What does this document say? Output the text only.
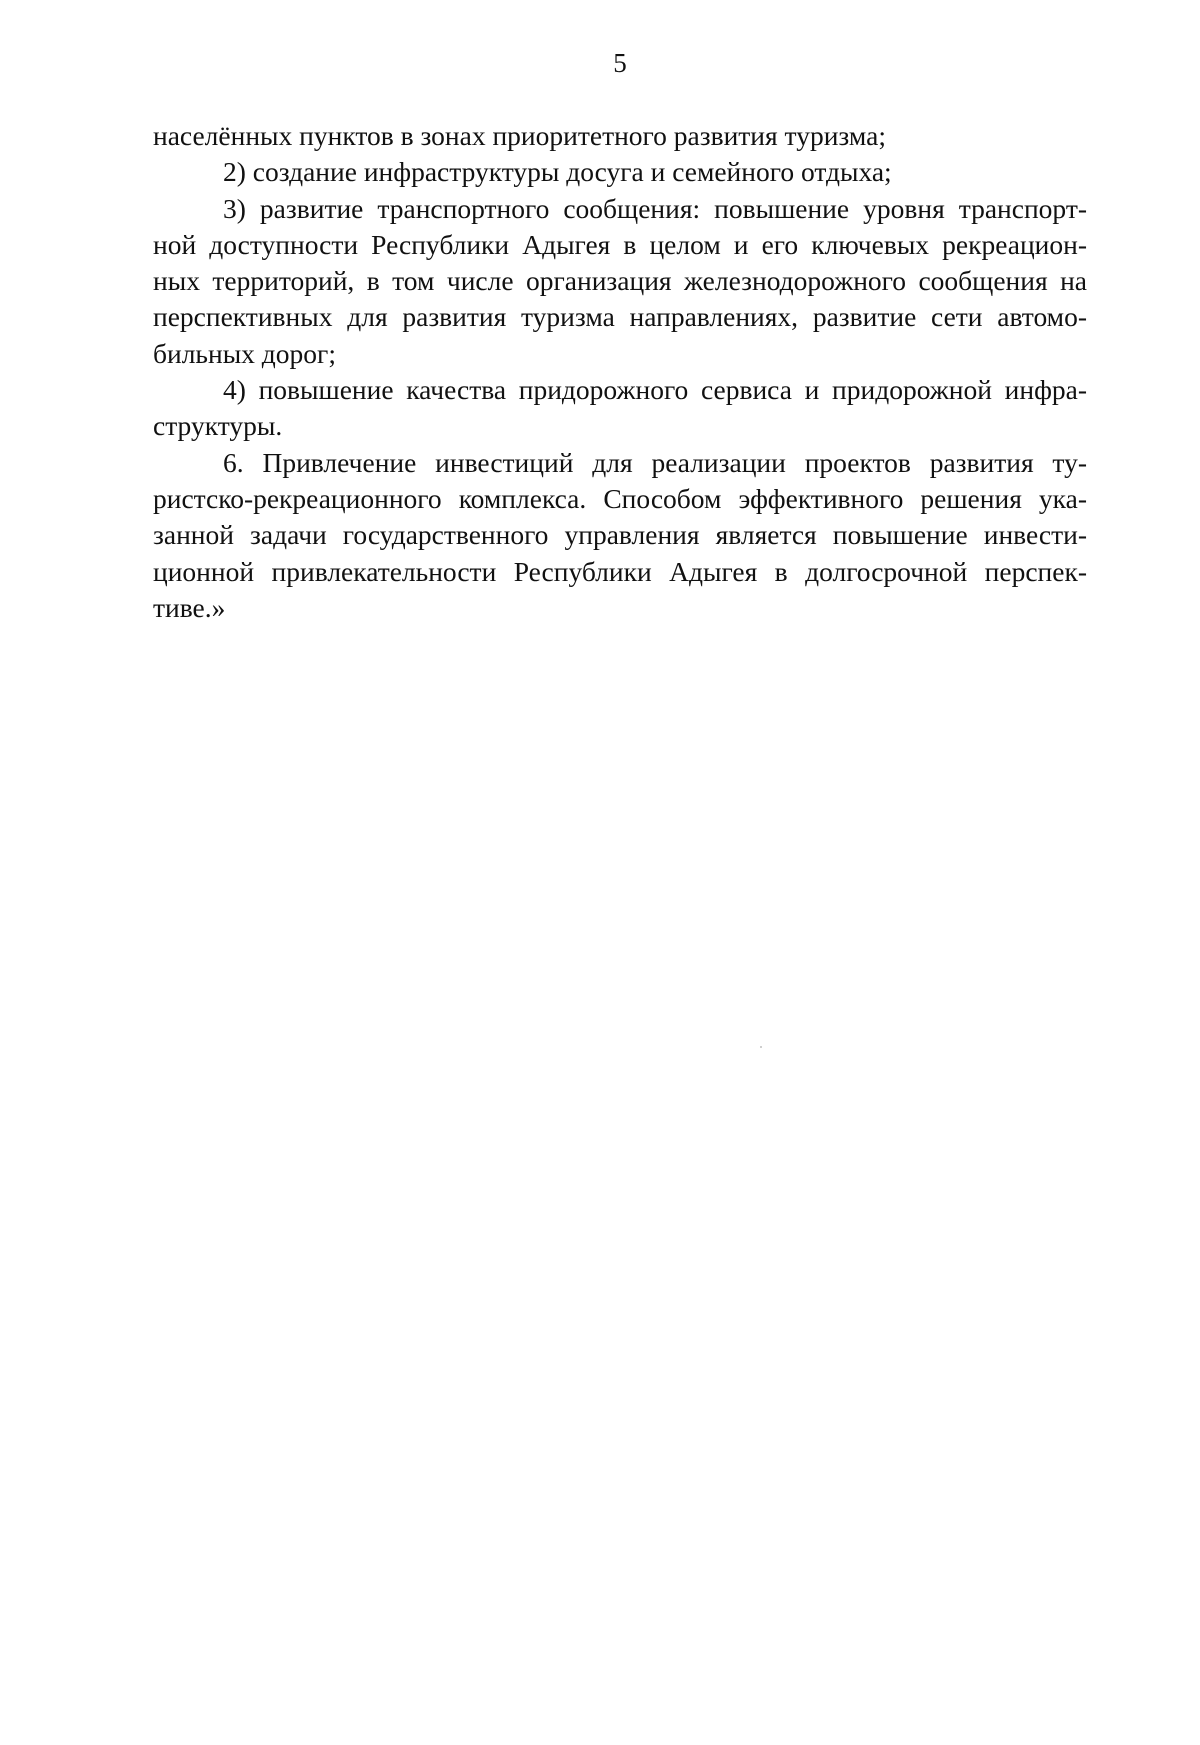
5
населённых пунктов в зонах приоритетного развития туризма;
2) создание инфраструктуры досуга и семейного отдыха;
3) развитие транспортного сообщения: повышение уровня транспорт-
ной доступности Республики Адыгея в целом и его ключевых рекреацион-
ных территорий, в том числе организация железнодорожного сообщения на
перспективных для развития туризма направлениях, развитие сети автомо-
бильных дорог;
4) повышение качества придорожного сервиса и придорожной инфра-
структуры.
6. Привлечение инвестиций для реализации проектов развития ту-
ристско-рекреационного комплекса. Способом эффективного решения ука-
занной задачи государственного управления является повышение инвести-
ционной привлекательности Республики Адыгея в долгосрочной перспек-
тиве.»
